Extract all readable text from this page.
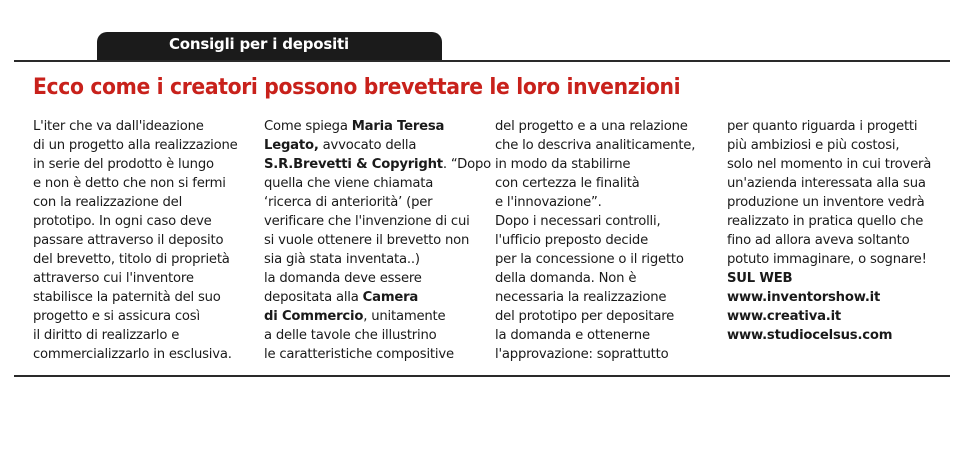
Consigli per i depositi
Ecco come i creatori possono brevettare le loro invenzioni
L'iter che va dall'ideazione
di un progetto alla realizzazione
in serie del prodotto è lungo
e non è detto che non si fermi
con la realizzazione del
prototipo. In ogni caso deve
passare attraverso il deposito
del brevetto, titolo di proprietà
attraverso cui l'inventore
stabilisce la paternità del suo
progetto e si assicura così
il diritto di realizzarlo e
commercializzarlo in esclusiva.
Come spiega Maria Teresa
Legato, avvocato della
S.R.Brevetti & Copyright. “Dopo
quella che viene chiamata
‘ricerca di anteriorità’ (per
verificare che l'invenzione di cui
si vuole ottenere il brevetto non
sia già stata inventata..)
la domanda deve essere
depositata alla Camera
di Commercio, unitamente
a delle tavole che illustrino
le caratteristiche compositive
del progetto e a una relazione
che lo descriva analiticamente,
in modo da stabilirne
con certezza le finalità
e l'innovazione”.
Dopo i necessari controlli,
l'ufficio preposto decide
per la concessione o il rigetto
della domanda. Non è
necessaria la realizzazione
del prototipo per depositare
la domanda e ottenerne
l'approvazione: soprattutto
per quanto riguarda i progetti
più ambiziosi e più costosi,
solo nel momento in cui troverà
un'azienda interessata alla sua
produzione un inventore vedrà
realizzato in pratica quello che
fino ad allora aveva soltanto
potuto immaginare, o sognare!
SUL WEB
www.inventorshow.it
www.creativa.it
www.studiocelsus.com
